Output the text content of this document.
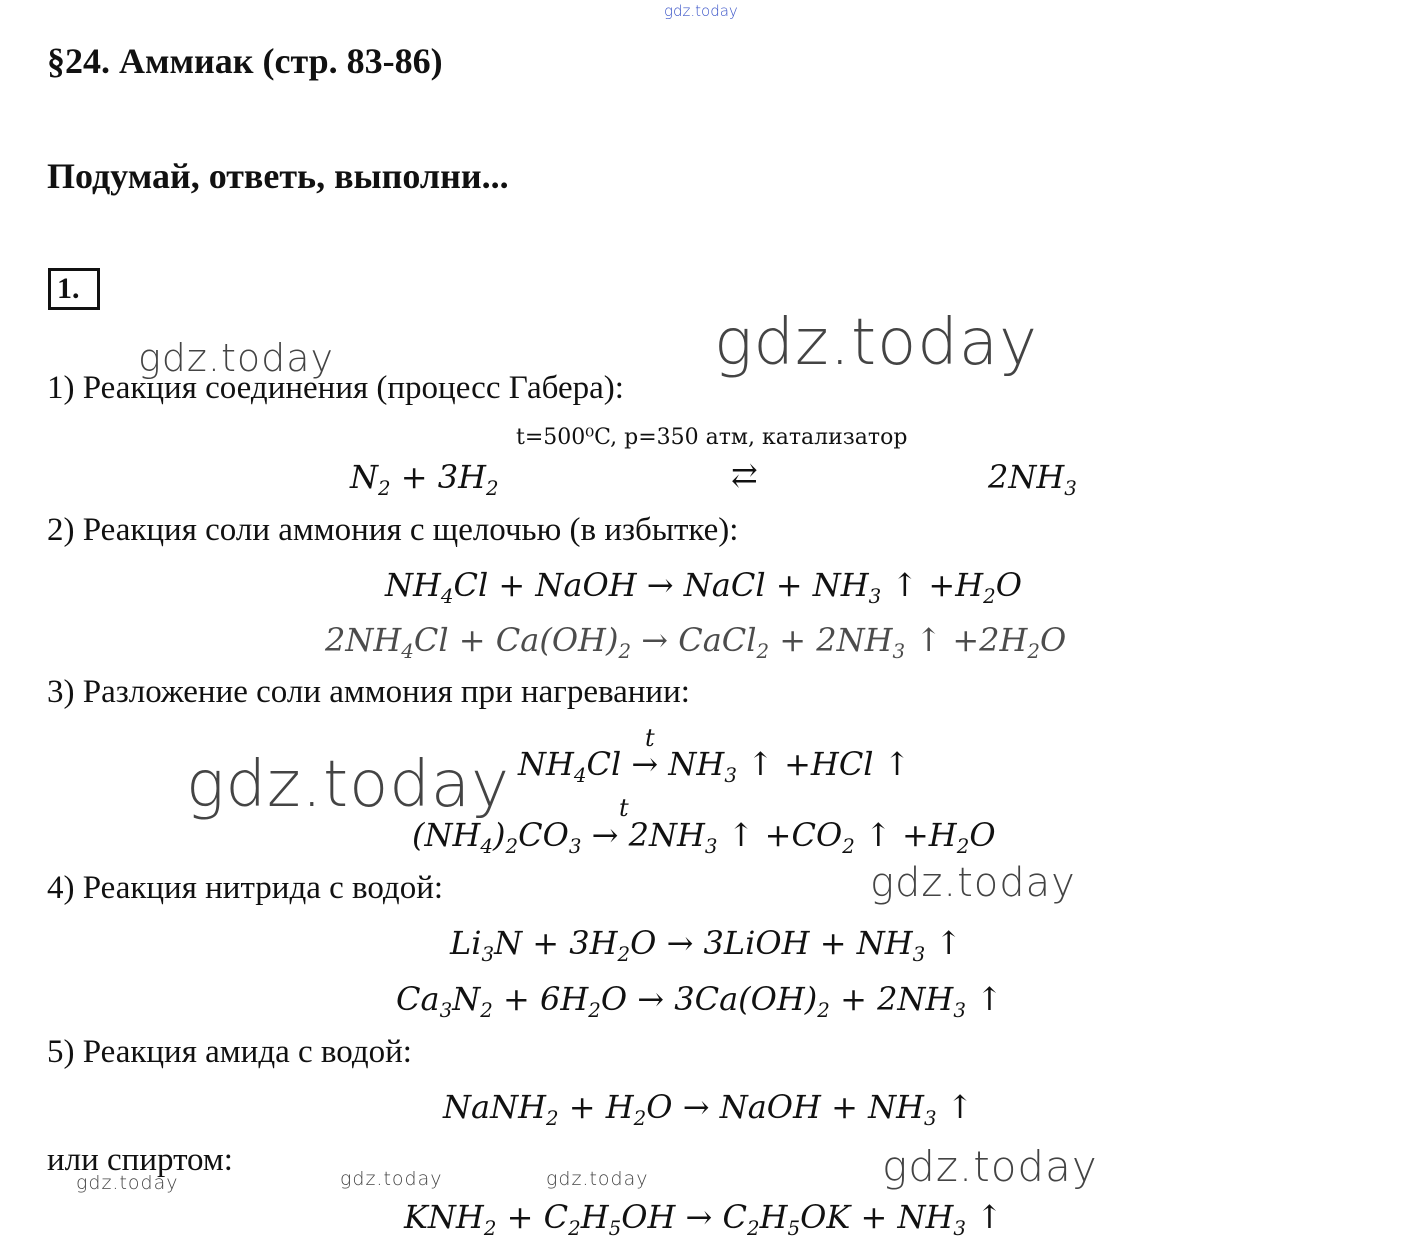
gdz.today
gdz.today
gdz.today
gdz.today
gdz.today
gdz.today
gdz.today	gdz.today	gdz.today
§24. Аммиак (стр. 83-86)
Подумай, ответь, выполни...
1.
1) Реакция соединения (процесс Габера):
t=500⁰C, p=350 атм, катализатор
$N_2 + 3H_2$	⇄	$2NH_3$
2) Реакция соли аммония с щелочью (в избытке):
$NH_4Cl$ + NaOH → NaCl + $NH_3$ ↑ $+H_2O$
$2NH_4Cl + Ca(OH)_2$ → CaCl$_2$ + $2NH_3$ ↑ $+2H_2O$
3) Разложение соли аммония при нагревании:
t
$NH_4Cl \to NH_3$ ↑ +HCl ↑
t
$(NH_4)_2CO_3 \to 2NH_3$ ↑ $+CO_2$ ↑ $+H_2O$
4) Реакция нитрида с водой:
$Li_3N + 3H_2O$ → 3LiOH + $NH_3$ ↑
$Ca_3N_2 + 6H_2O \to 3Ca(OH)_2 + 2NH_3$ ↑
5) Реакция амида с водой:
NaNH$_2$ + $H_2O$ → NaOH + $NH_3$ ↑
или спиртом:
$KNH_2 + C_2H_5OH \to C_2H_5OK + NH_3$ ↑
